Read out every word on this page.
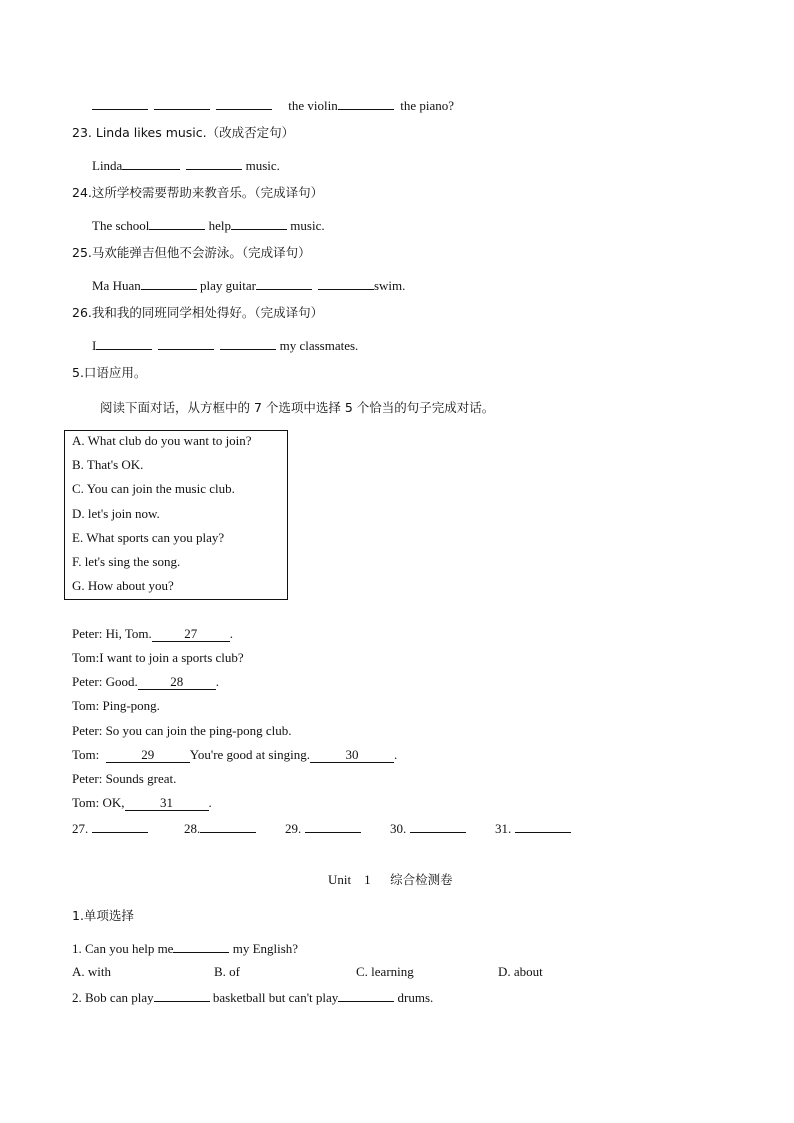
the violin	the piano?
23. Linda likes music.（改成否定句）
Linda	music.
24.这所学校需要帮助来教音乐。（完成译句）
The school	help	music.
25.马欢能弹吉但他不会游泳。（完成译句）
Ma Huan	play guitar	swim.
26.我和我的同班同学相处得好。（完成译句）
I	my classmates.
5.口语应用。
阅读下面对话，从方框中的 7 个选项中选择 5 个恰当的句子完成对话。
A. What club do you want to join?
B. That's OK.
C. You can join the music club.
D. let's join now.
E. What sports can you play?
F. let's sing the song.
G. How about you?
Peter: Hi, Tom.	27	.
Tom:I want to join a sports club?
Peter: Good.	28	.
Tom: Ping-pong.
Peter: So you can join the ping-pong club.
Tom:	29	You're good at singing.	30	.
Peter: Sounds great.
Tom: OK,	31	.
27.	28.	29.	30.	31.
Unit 1 综合检测卷
1.单项选择
1. Can you help me	my English?
A. with	B. of	C. learning	D. about
2. Bob can play	basketball but can't play	drums.
